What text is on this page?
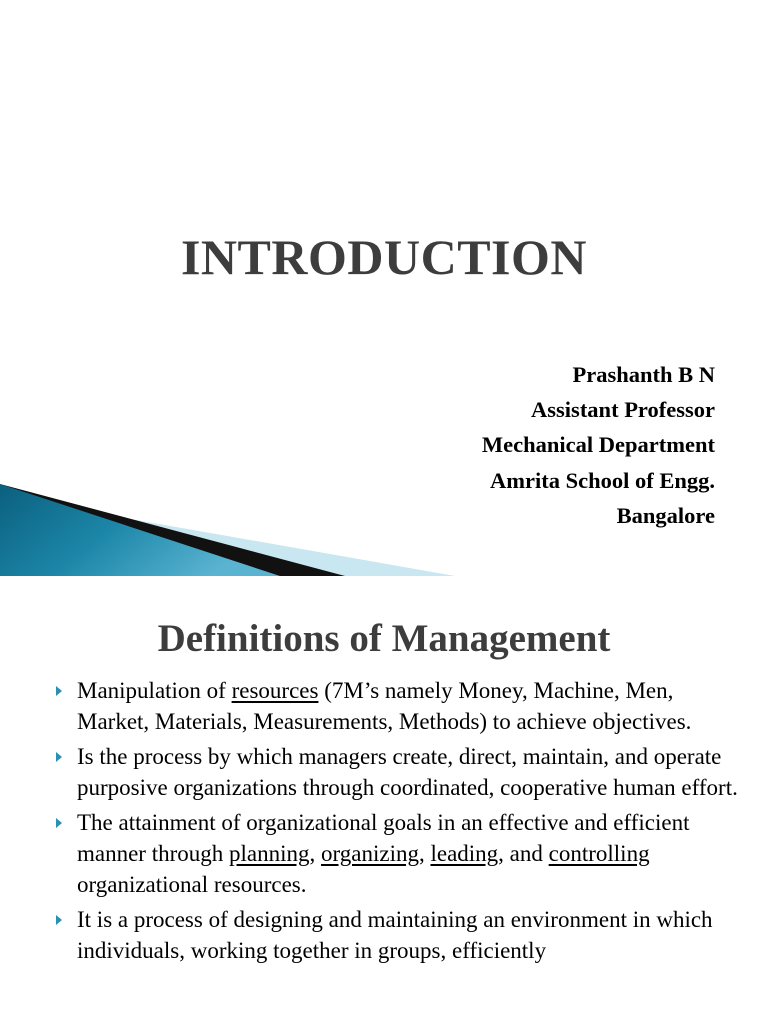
INTRODUCTION
Prashanth B N
Assistant Professor
Mechanical Department
Amrita School of Engg.
Bangalore
Definitions of Management
Manipulation of resources (7M’s namely Money, Machine, Men, Market, Materials, Measurements, Methods) to achieve objectives.
Is the process by which managers create, direct, maintain, and operate purposive organizations through coordinated, cooperative human effort.
The attainment of organizational goals in an effective and efficient manner through planning, organizing, leading, and controlling organizational resources.
It is a process of designing and maintaining an environment in which individuals, working together in groups, efficiently
